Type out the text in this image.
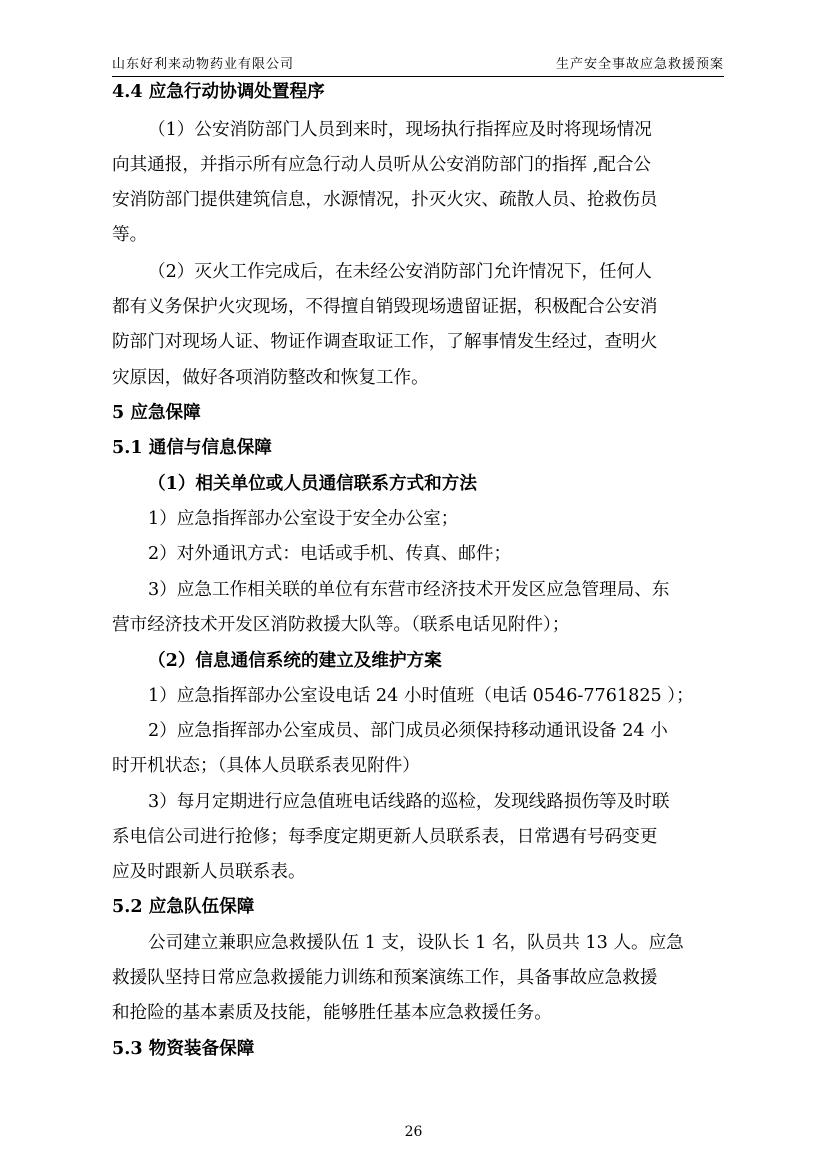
山东好利来动物药业有限公司	生产安全事故应急救援预案
4.4 应急行动协调处置程序
（1）公安消防部门人员到来时，现场执行指挥应及时将现场情况
向其通报，并指示所有应急行动人员听从公安消防部门的指挥 ,配合公
安消防部门提供建筑信息，水源情况，扑灭火灾、疏散人员、抢救伤员
等。
（2）灭火工作完成后，在未经公安消防部门允许情况下，任何人
都有义务保护火灾现场，不得擅自销毁现场遗留证据，积极配合公安消
防部门对现场人证、物证作调查取证工作，了解事情发生经过，查明火
灾原因，做好各项消防整改和恢复工作。
5 应急保障
5.1 通信与信息保障
（1）相关单位或人员通信联系方式和方法
1）应急指挥部办公室设于安全办公室；
2）对外通讯方式：电话或手机、传真、邮件；
3）应急工作相关联的单位有东营市经济技术开发区应急管理局、东
营市经济技术开发区消防救援大队等。（联系电话见附件）；
（2）信息通信系统的建立及维护方案
1）应急指挥部办公室设电话 24 小时值班（电话 0546-7761825 ）；
2）应急指挥部办公室成员、部门成员必须保持移动通讯设备 24 小
时开机状态；（具体人员联系表见附件）
3）每月定期进行应急值班电话线路的巡检，发现线路损伤等及时联
系电信公司进行抢修；每季度定期更新人员联系表，日常遇有号码变更
应及时跟新人员联系表。
5.2 应急队伍保障
公司建立兼职应急救援队伍 1 支，设队长 1 名，队员共 13 人。应急
救援队坚持日常应急救援能力训练和预案演练工作，具备事故应急救援
和抢险的基本素质及技能，能够胜任基本应急救援任务。
5.3 物资装备保障
26
